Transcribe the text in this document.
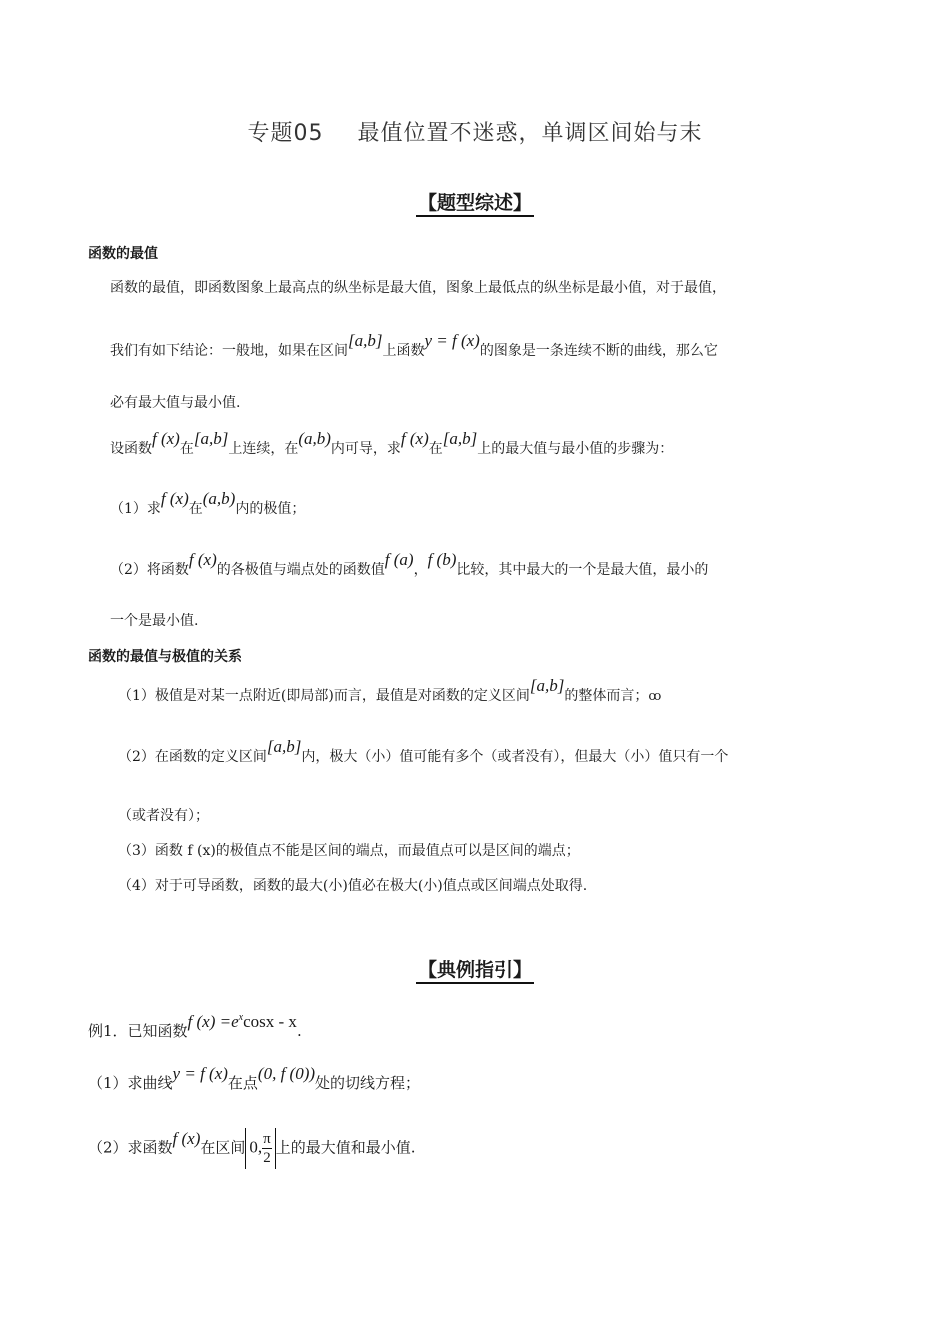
专题05 最值位置不迷惑，单调区间始与末
【题型综述】
函数的最值
函数的最值，即函数图象上最高点的纵坐标是最大值，图象上最低点的纵坐标是最小值，对于最值，
我们有如下结论：一般地，如果在区间[a,b]上函数y = f (x)的图象是一条连续不断的曲线，那么它
必有最大值与最小值.
设函数f (x)在[a,b]上连续，在(a,b)内可导，求f (x)在[a,b]上的最大值与最小值的步骤为：
（1）求f (x)在(a,b)内的极值；
（2）将函数f (x)的各极值与端点处的函数值f (a)，f (b)比较，其中最大的一个是最大值，最小的
一个是最小值.
函数的最值与极值的关系
（1）极值是对某一点附近(即局部)而言，最值是对函数的定义区间[a,b]的整体而言；ꝏ
（2）在函数的定义区间[a,b]内，极大（小）值可能有多个（或者没有），但最大（小）值只有一个
（或者没有）；
（3）函数 f (x)的极值点不能是区间的端点，而最值点可以是区间的端点；
（4）对于可导函数，函数的最大(小)值必在极大(小)值点或区间端点处取得.
【典例指引】
例1．已知函数f $(x) =e^x\cos x - x$.
（1）求曲线y = f (x)在点(0, f (0))处的切线方程；
（2）求函数f (x)在区间 0, $\frac{\pi}{2}$ 上的最大值和最小值.
